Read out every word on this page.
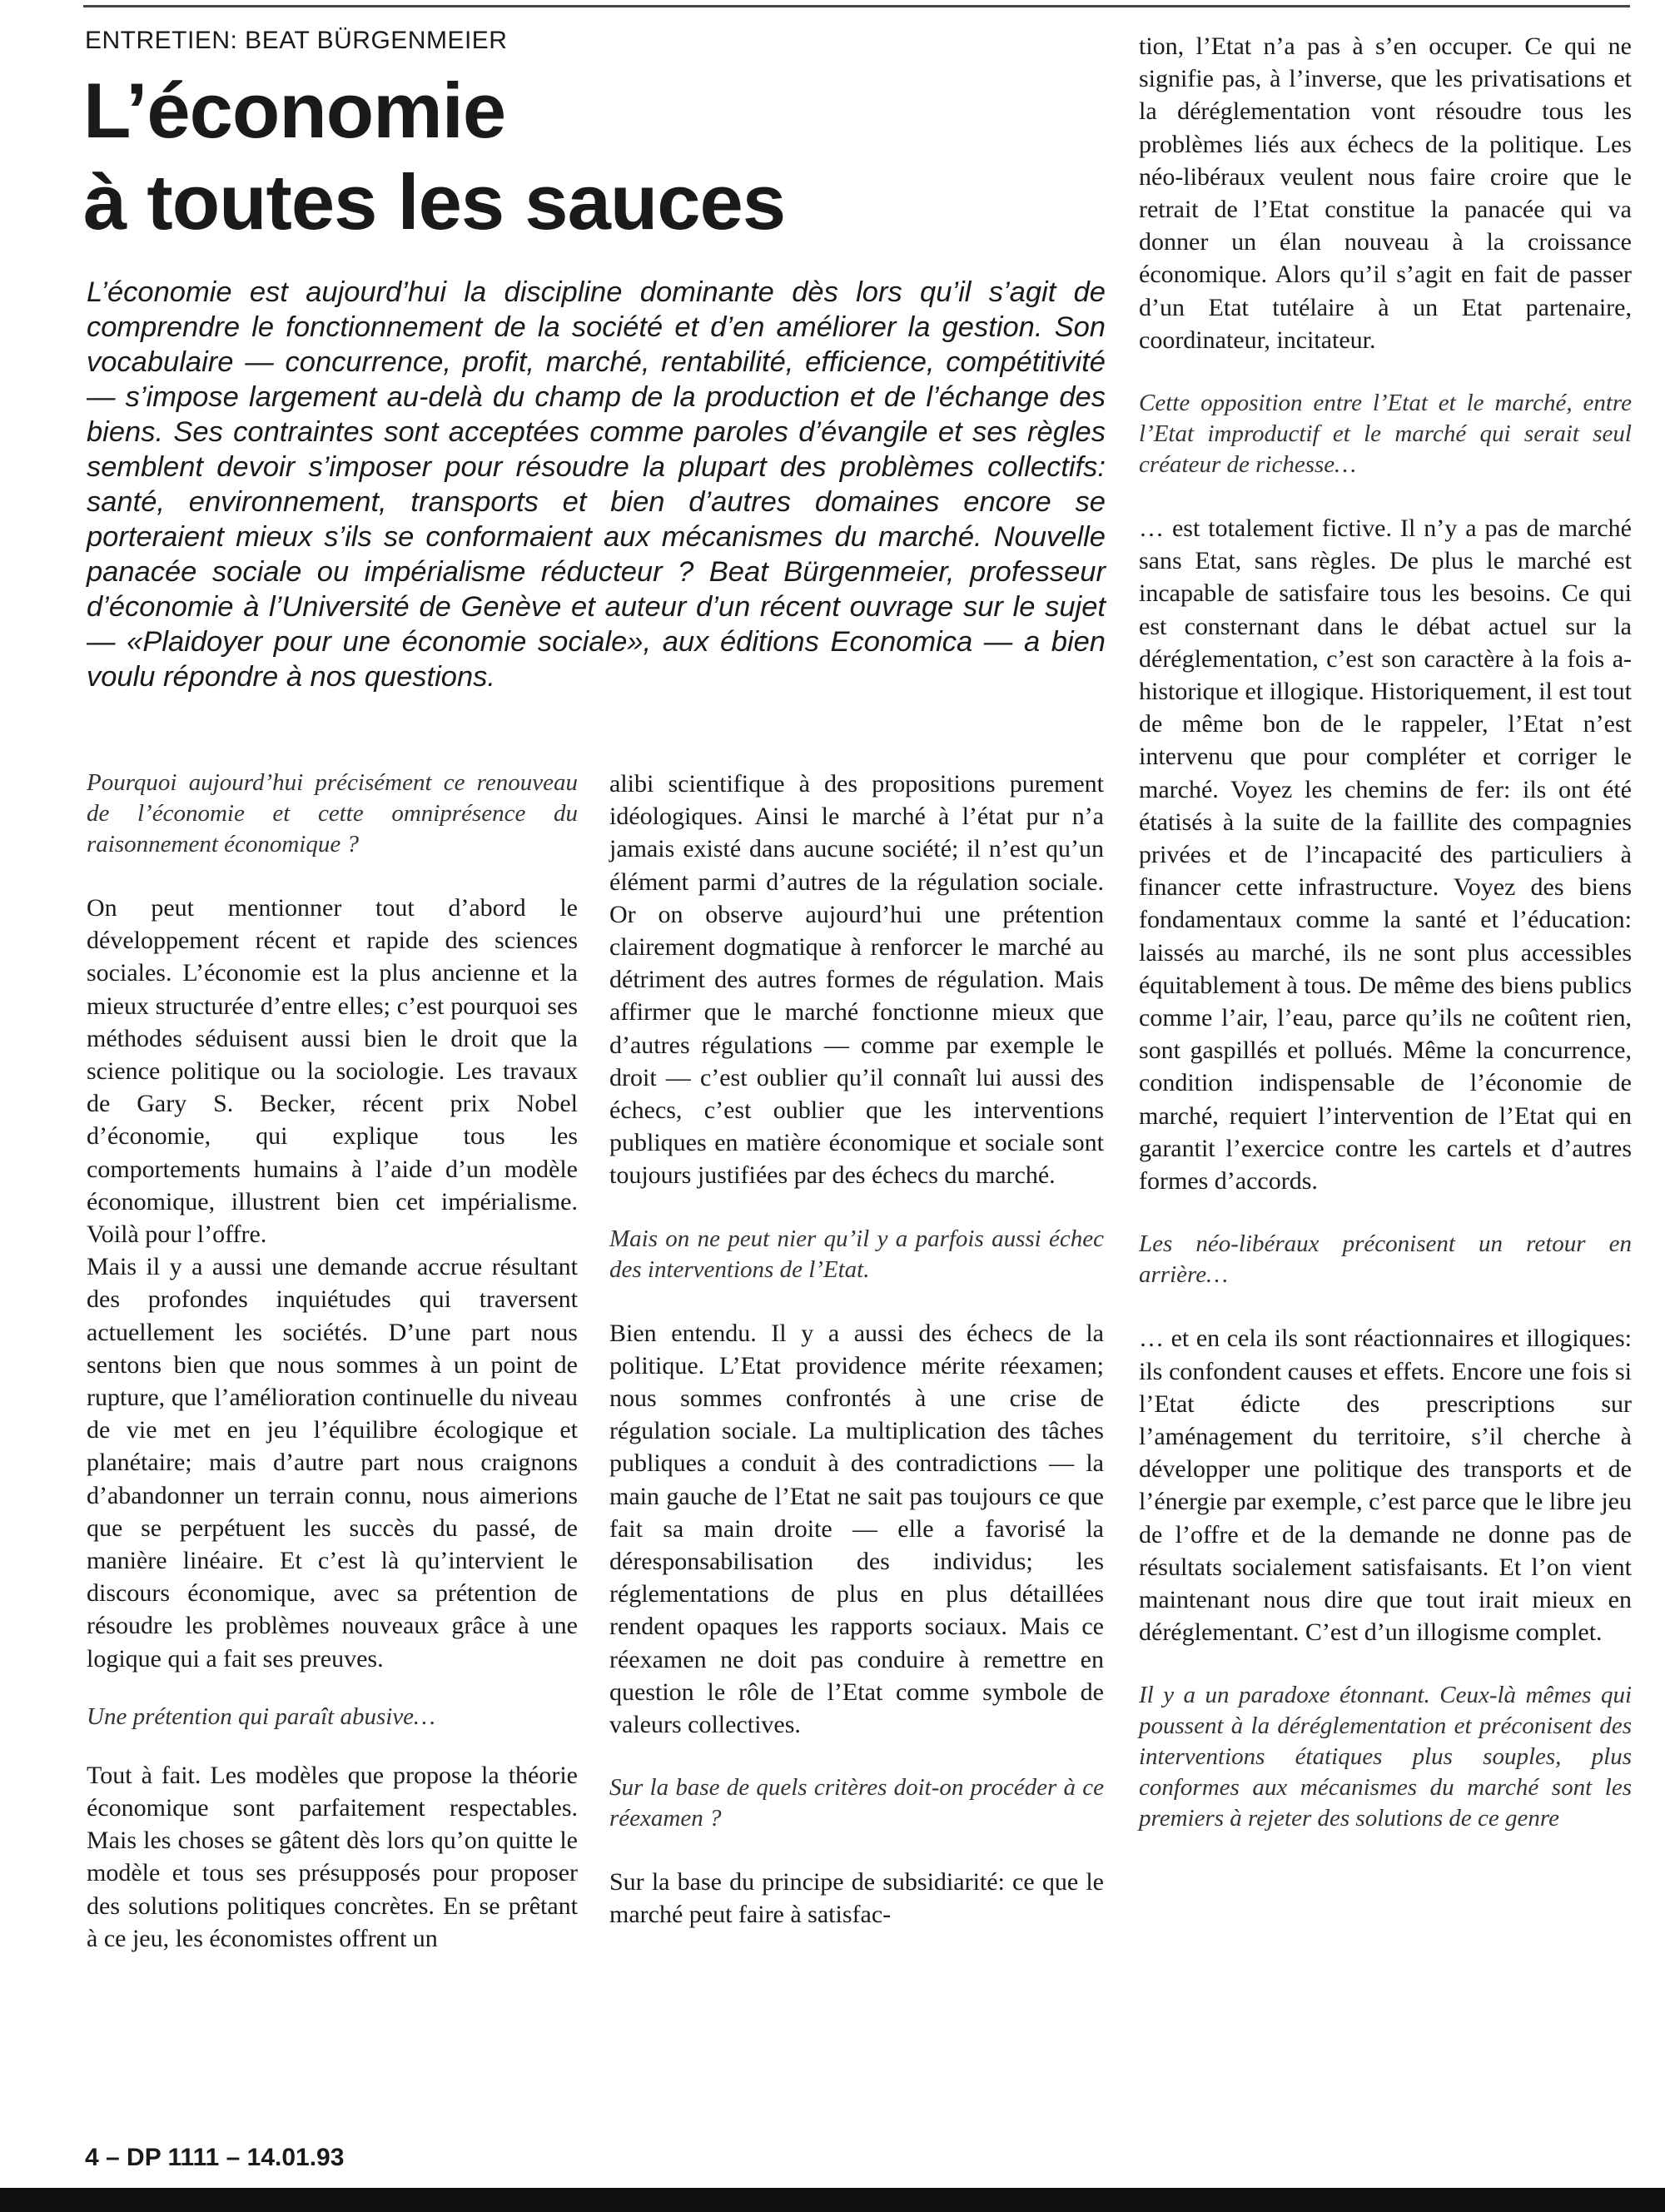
ENTRETIEN: BEAT BÜRGENMEIER
L’économie
à toutes les sauces

L’économie est aujourd’hui la discipline dominante dès lors qu’il s’agit de comprendre le fonctionnement de la société et d’en améliorer la gestion. Son vocabulaire — concurrence, profit, marché, rentabilité, efficience, compétitivité — s’impose largement au-delà du champ de la production et de l’échange des biens. Ses contraintes sont acceptées comme paroles d’évangile et ses règles semblent devoir s’imposer pour résoudre la plupart des problèmes collectifs: santé, environnement, transports et bien d’autres domaines encore se porteraient mieux s’ils se conformaient aux mécanismes du marché. Nouvelle panacée sociale ou impérialisme réducteur ? Beat Bürgenmeier, professeur d’économie à l’Université de Genève et auteur d’un récent ouvrage sur le sujet — «Plaidoyer pour une économie sociale», aux éditions Economica — a bien voulu répondre à nos questions.

Pourquoi aujourd’hui précisément ce renouveau de l’économie et cette omniprésence du raisonnement économique ?

On peut mentionner tout d’abord le développement récent et rapide des sciences sociales. L’économie est la plus ancienne et la mieux structurée d’entre elles; c’est pourquoi ses méthodes séduisent aussi bien le droit que la science politique ou la sociologie. Les travaux de Gary S. Becker, récent prix Nobel d’économie, qui explique tous les comportements humains à l’aide d’un modèle économique, illustrent bien cet impérialisme. Voilà pour l’offre.

Mais il y a aussi une demande accrue résultant des profondes inquiétudes qui traversent actuellement les sociétés. D’une part nous sentons bien que nous sommes à un point de rupture, que l’amélioration continuelle du niveau de vie met en jeu l’équilibre écologique et planétaire; mais d’autre part nous craignons d’abandonner un terrain connu, nous aimerions que se perpétuent les succès du passé, de manière linéaire. Et c’est là qu’intervient le discours économique, avec sa prétention de résoudre les problèmes nouveaux grâce à une logique qui a fait ses preuves.

Une prétention qui paraît abusive…

Tout à fait. Les modèles que propose la théorie économique sont parfaitement respectables. Mais les choses se gâtent dès lors qu’on quitte le modèle et tous ses présupposés pour proposer des solutions politiques concrètes. En se prêtant à ce jeu, les économistes offrent un

alibi scientifique à des propositions purement idéologiques. Ainsi le marché à l’état pur n’a jamais existé dans aucune société; il n’est qu’un élément parmi d’autres de la régulation sociale. Or on observe aujourd’hui une prétention clairement dogmatique à renforcer le marché au détriment des autres formes de régulation. Mais affirmer que le marché fonctionne mieux que d’autres régulations — comme par exemple le droit — c’est oublier qu’il connaît lui aussi des échecs, c’est oublier que les interventions publiques en matière économique et sociale sont toujours justifiées par des échecs du marché.

Mais on ne peut nier qu’il y a parfois aussi échec des interventions de l’Etat.

Bien entendu. Il y a aussi des échecs de la politique. L’Etat providence mérite réexamen; nous sommes confrontés à une crise de régulation sociale. La multiplication des tâches publiques a conduit à des contradictions — la main gauche de l’Etat ne sait pas toujours ce que fait sa main droite — elle a favorisé la déresponsabilisation des individus; les réglementations de plus en plus détaillées rendent opaques les rapports sociaux. Mais ce réexamen ne doit pas conduire à remettre en question le rôle de l’Etat comme symbole de valeurs collectives.

Sur la base de quels critères doit-on procéder à ce réexamen ?

Sur la base du principe de subsidiarité: ce que le marché peut faire à satisfac-

tion, l’Etat n’a pas à s’en occuper. Ce qui ne signifie pas, à l’inverse, que les privatisations et la déréglementation vont résoudre tous les problèmes liés aux échecs de la politique. Les néo-libéraux veulent nous faire croire que le retrait de l’Etat constitue la panacée qui va donner un élan nouveau à la croissance économique. Alors qu’il s’agit en fait de passer d’un Etat tutélaire à un Etat partenaire, coordinateur, incitateur.

Cette opposition entre l’Etat et le marché, entre l’Etat improductif et le marché qui serait seul créateur de richesse…

… est totalement fictive. Il n’y a pas de marché sans Etat, sans règles. De plus le marché est incapable de satisfaire tous les besoins. Ce qui est consternant dans le débat actuel sur la déréglementation, c’est son caractère à la fois a-historique et illogique. Historiquement, il est tout de même bon de le rappeler, l’Etat n’est intervenu que pour compléter et corriger le marché. Voyez les chemins de fer: ils ont été étatisés à la suite de la faillite des compagnies privées et de l’incapacité des particuliers à financer cette infrastructure. Voyez des biens fondamentaux comme la santé et l’éducation: laissés au marché, ils ne sont plus accessibles équitablement à tous. De même des biens publics comme l’air, l’eau, parce qu’ils ne coûtent rien, sont gaspillés et pollués. Même la concurrence, condition indispensable de l’économie de marché, requiert l’intervention de l’Etat qui en garantit l’exercice contre les cartels et d’autres formes d’accords.

Les néo-libéraux préconisent un retour en arrière…

… et en cela ils sont réactionnaires et illogiques: ils confondent causes et effets. Encore une fois si l’Etat édicte des prescriptions sur l’aménagement du territoire, s’il cherche à développer une politique des transports et de l’énergie par exemple, c’est parce que le libre jeu de l’offre et de la demande ne donne pas de résultats socialement satisfaisants. Et l’on vient maintenant nous dire que tout irait mieux en déréglementant. C’est d’un illogisme complet.

Il y a un paradoxe étonnant. Ceux-là mêmes qui poussent à la déréglementation et préconisent des interventions étatiques plus souples, plus conformes aux mécanismes du marché sont les premiers à rejeter des solutions de ce genre

4 – DP 1111 – 14.01.93
